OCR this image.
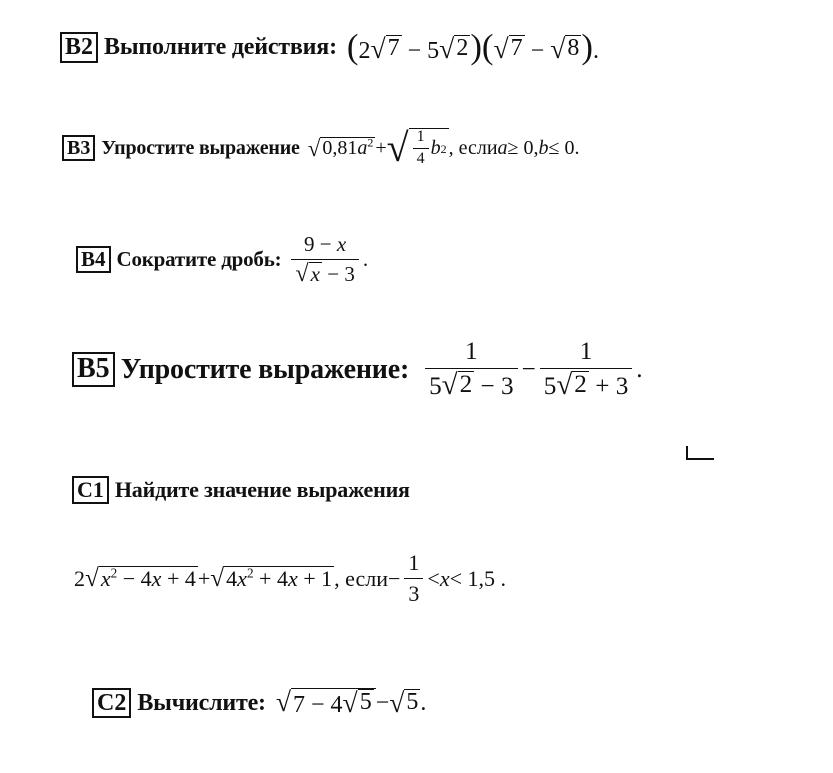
B2 Выполните действия: (2 √ 7 − 5 √ 2 )( √ 7 − √ 8 ).
B3 Упростите выражение √ $0,81a^2$ + √ $\frac{1}{4}$ b 2 , если a ≥ 0, b ≤ 0.
B4 Сократите дробь: $\frac{9 - x}{√ x - 3}$ .
B5 Упростите выражение: $\frac{1}{5 √ 2 - 3} - \frac{1}{5 √ 2 + 3}$ .
C1 Найдите значение выражения
2 √ $x^2 - 4x + 4$ + √ $4x^2 + 4x + 1$ , если − $\frac{1}{3} < x < 1,5$ .
C2 Вычислите: √ 7 − 4 √ 5 − √ 5 .
